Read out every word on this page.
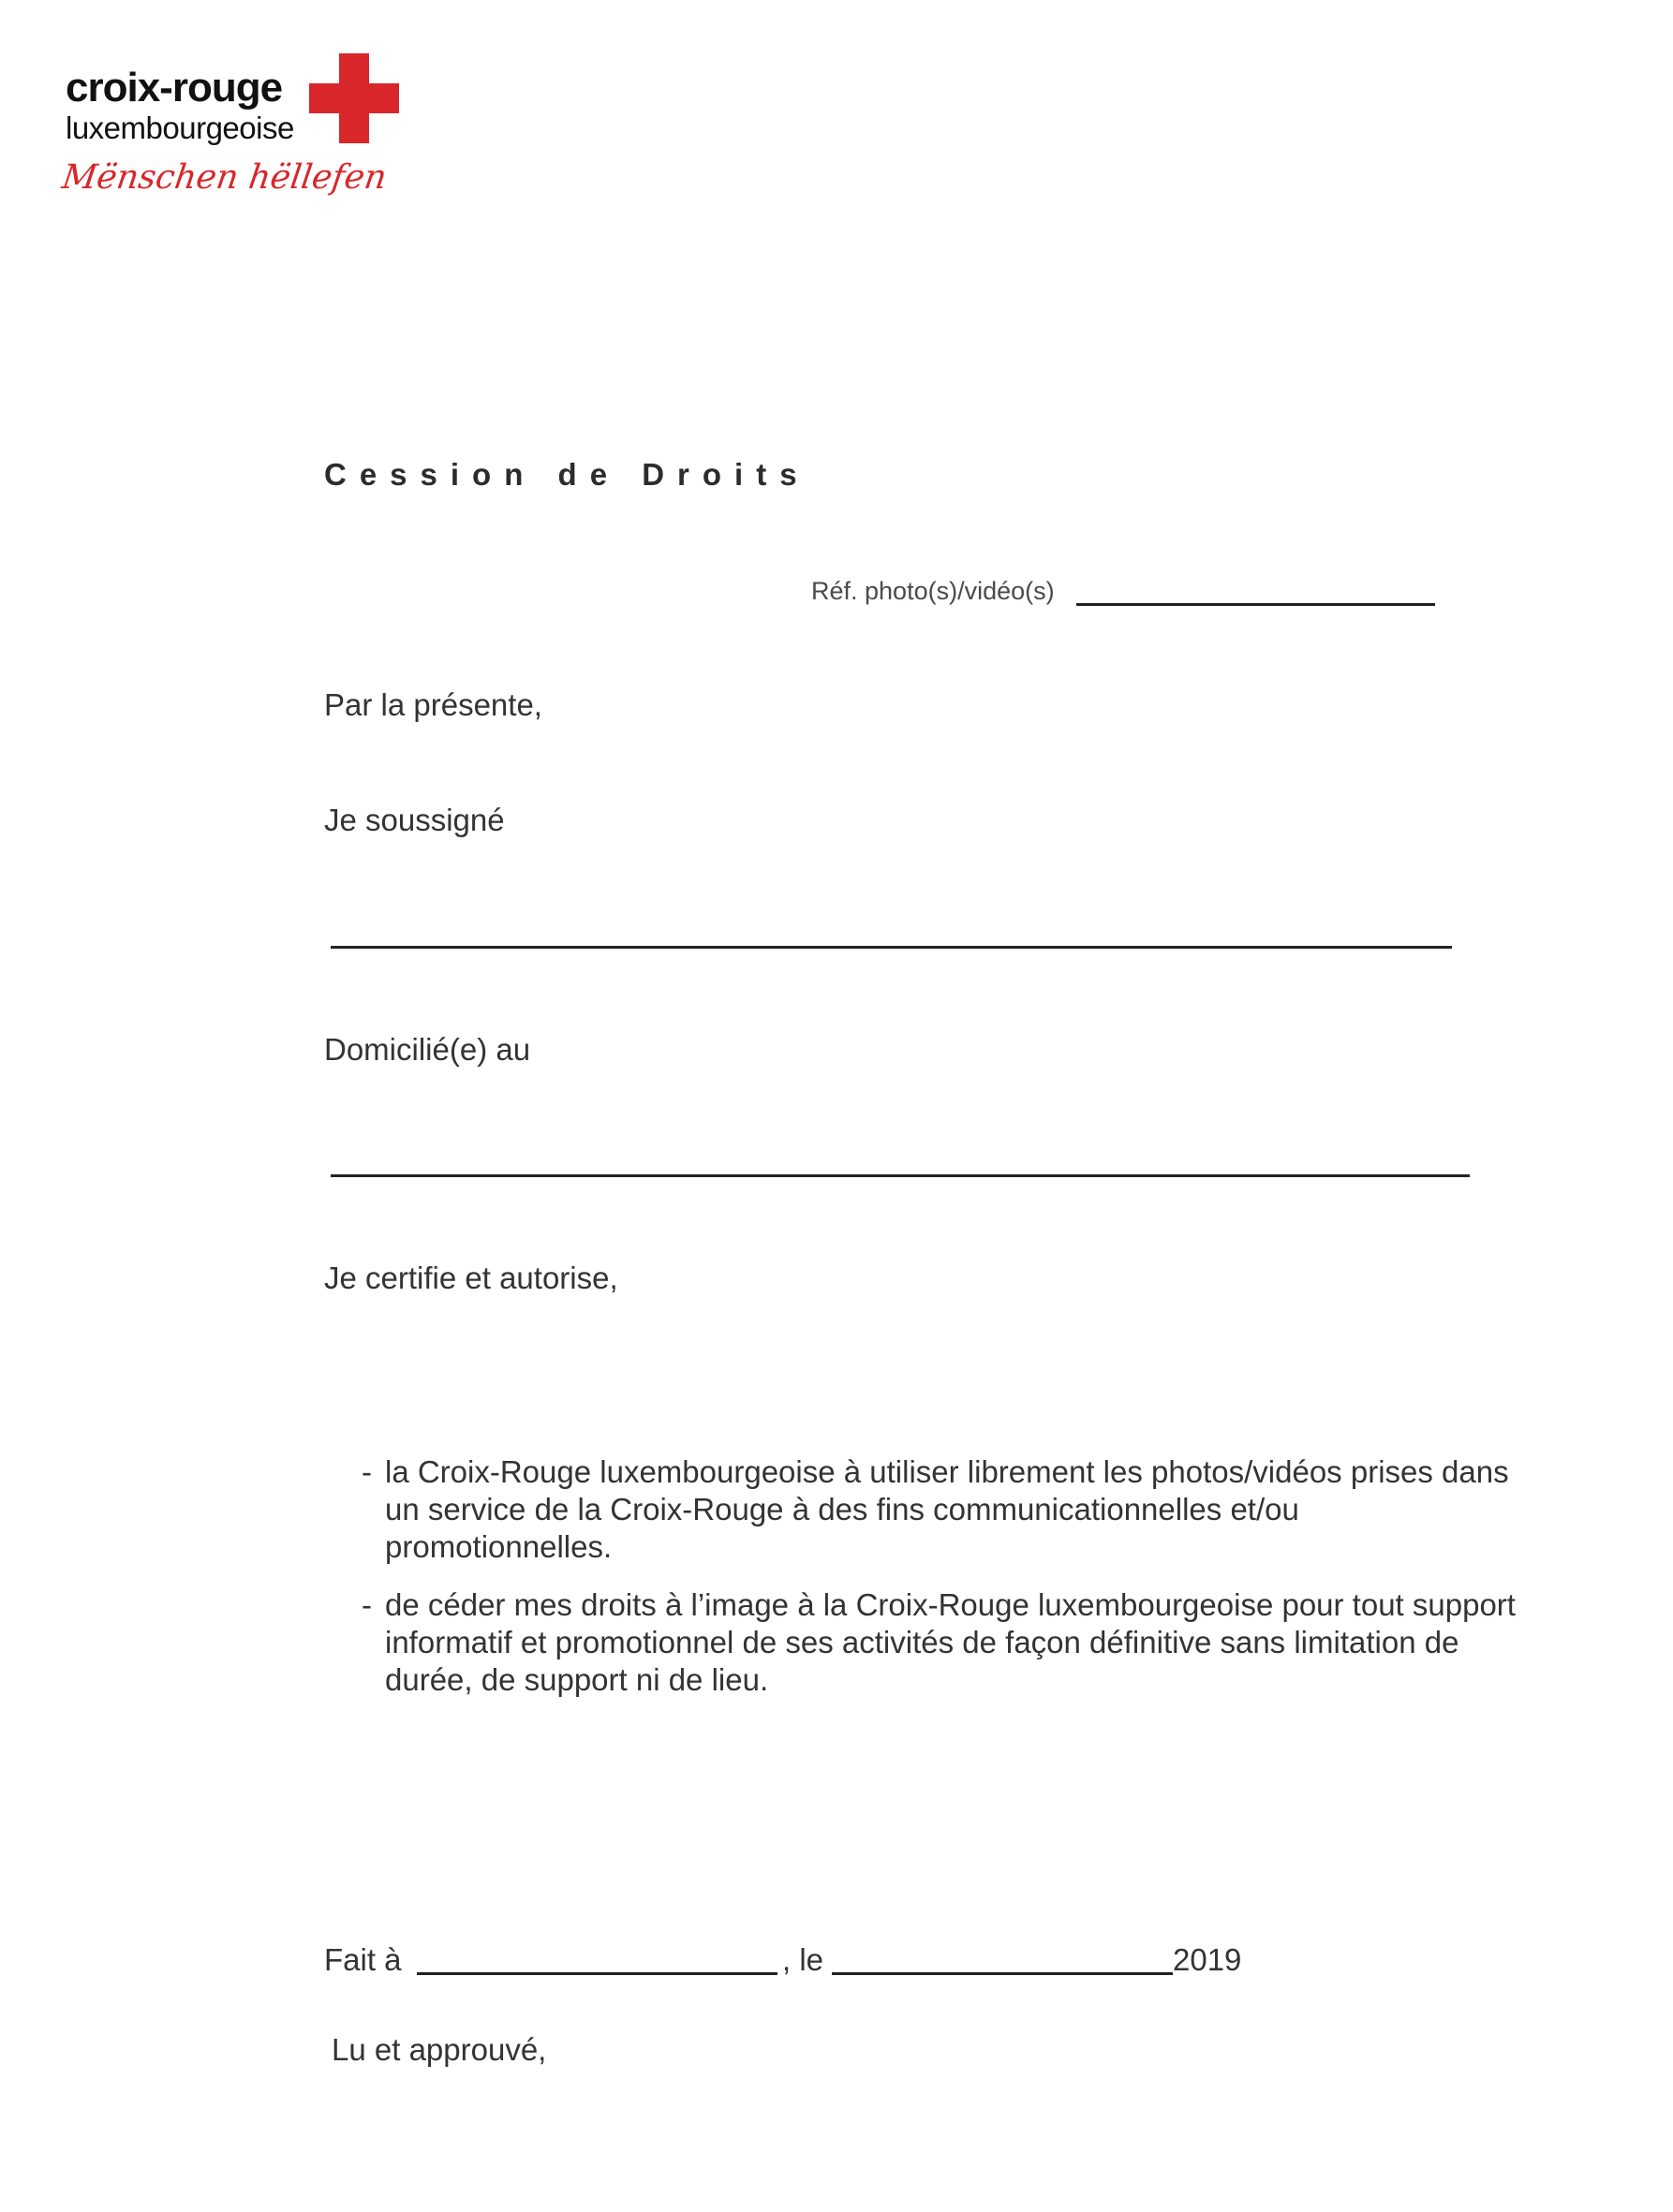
croix-rouge
luxembourgeoise
Mënschen hëllefen
Cession de Droits
Réf. photo(s)/vidéo(s)
Par la présente,
Je soussigné
Domicilié(e) au
Je certifie et autorise,
- la Croix-Rouge luxembourgeoise à utiliser librement les photos/vidéos prises dans un service de la Croix-Rouge à des fins communicationnelles et/ou promotionnelles.
- de céder mes droits à l’image à la Croix-Rouge luxembourgeoise pour tout support informatif et promotionnel de ses activités de façon définitive sans limitation de durée, de support ni de lieu.
Fait à	, le	2019
Lu et approuvé,
